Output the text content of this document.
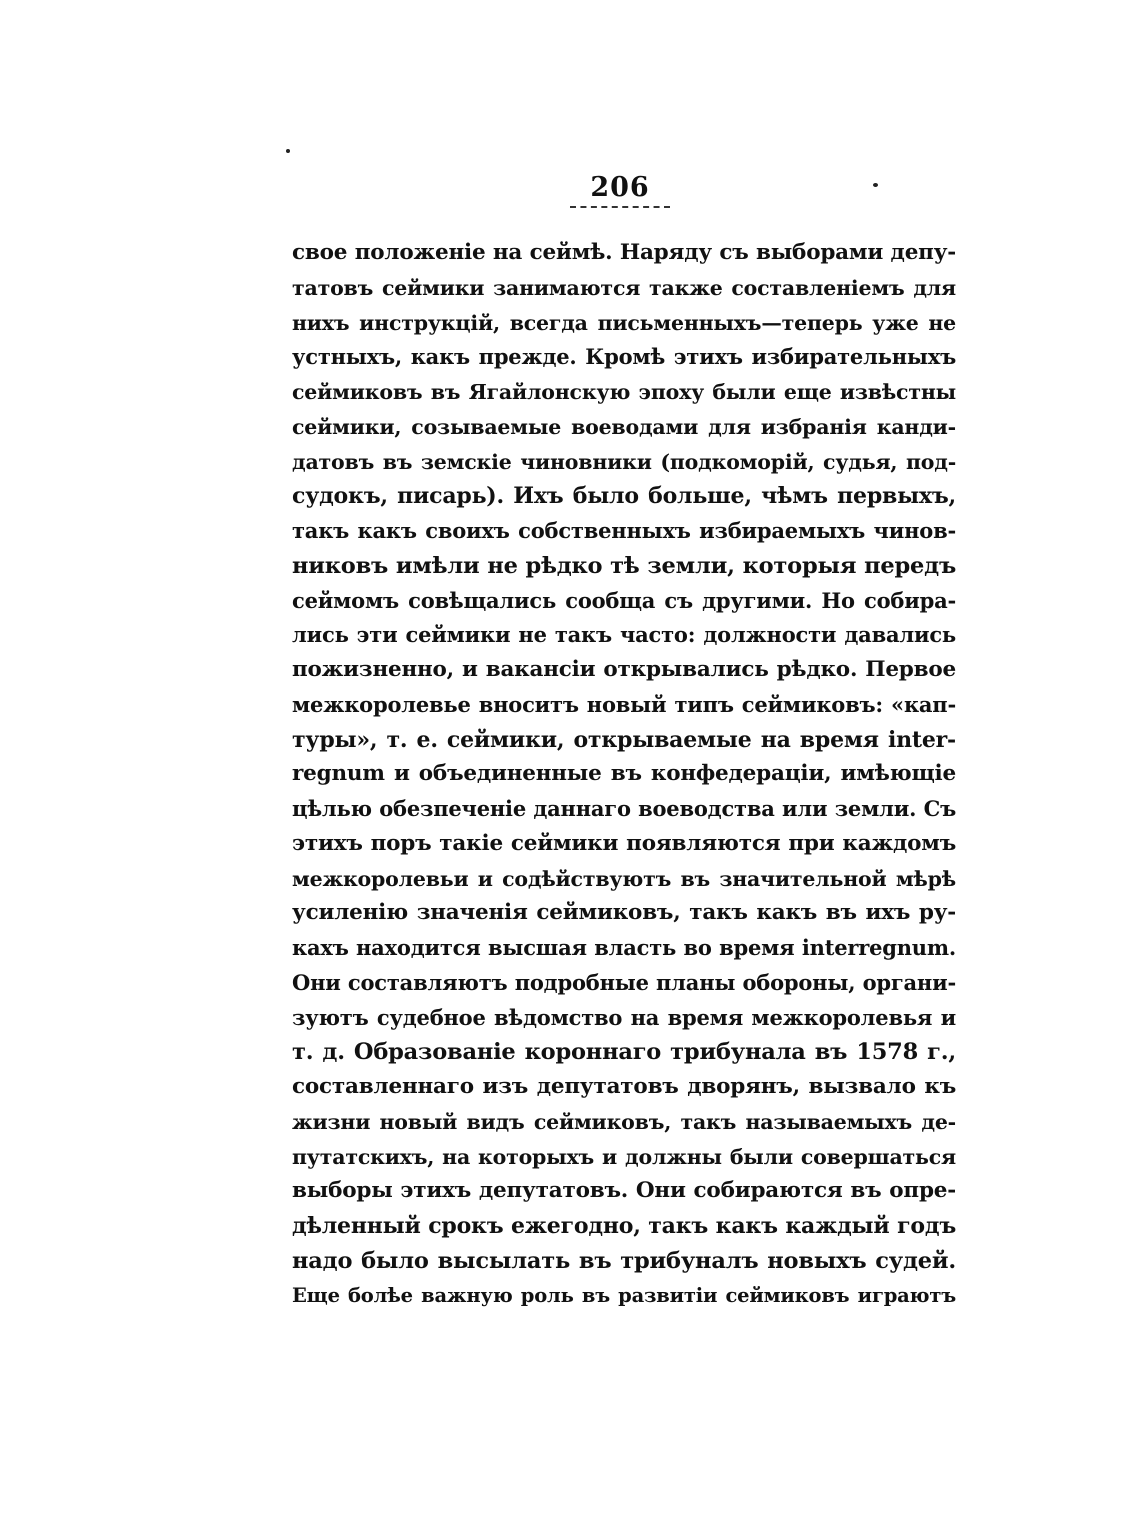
206
свое положеніе на сеймѣ. Наряду съ выборами депу-
татовъ сеймики занимаются также составленіемъ для
нихъ инструкцій, всегда письменныхъ—теперь уже не
устныхъ, какъ прежде. Кромѣ этихъ избирательныхъ
сеймиковъ въ Ягайлонскую эпоху были еще извѣстны
сеймики, созываемые воеводами для избранія канди-
датовъ въ земскіе чиновники (подкоморій, судья, под-
судокъ, писарь). Ихъ было больше, чѣмъ первыхъ,
такъ какъ своихъ собственныхъ избираемыхъ чинов-
никовъ имѣли не рѣдко тѣ земли, которыя передъ
сеймомъ совѣщались сообща съ другими. Но собира-
лись эти сеймики не такъ часто: должности давались
пожизненно, и вакансіи открывались рѣдко. Первое
межкоролевье вноситъ новый типъ сеймиковъ: «кап-
туры», т. е. сеймики, открываемые на время inter-
regnum и объединенные въ конфедераціи, имѣющіе
цѣлью обезпеченіе даннаго воеводства или земли. Съ
этихъ поръ такіе сеймики появляются при каждомъ
межкоролевьи и содѣйствуютъ въ значительной мѣрѣ
усиленію значенія сеймиковъ, такъ какъ въ ихъ ру-
кахъ находится высшая власть во время interregnum.
Они составляютъ подробные планы обороны, органи-
зуютъ судебное вѣдомство на время межкоролевья и
т. д. Образованіе короннаго трибунала въ 1578 г.,
составленнаго изъ депутатовъ дворянъ, вызвало къ
жизни новый видъ сеймиковъ, такъ называемыхъ де-
путатскихъ, на которыхъ и должны были совершаться
выборы этихъ депутатовъ. Они собираются въ опре-
дѣленный срокъ ежегодно, такъ какъ каждый годъ
надо было высылать въ трибуналъ новыхъ судей.
Еще болѣе важную роль въ развитіи сеймиковъ играютъ
